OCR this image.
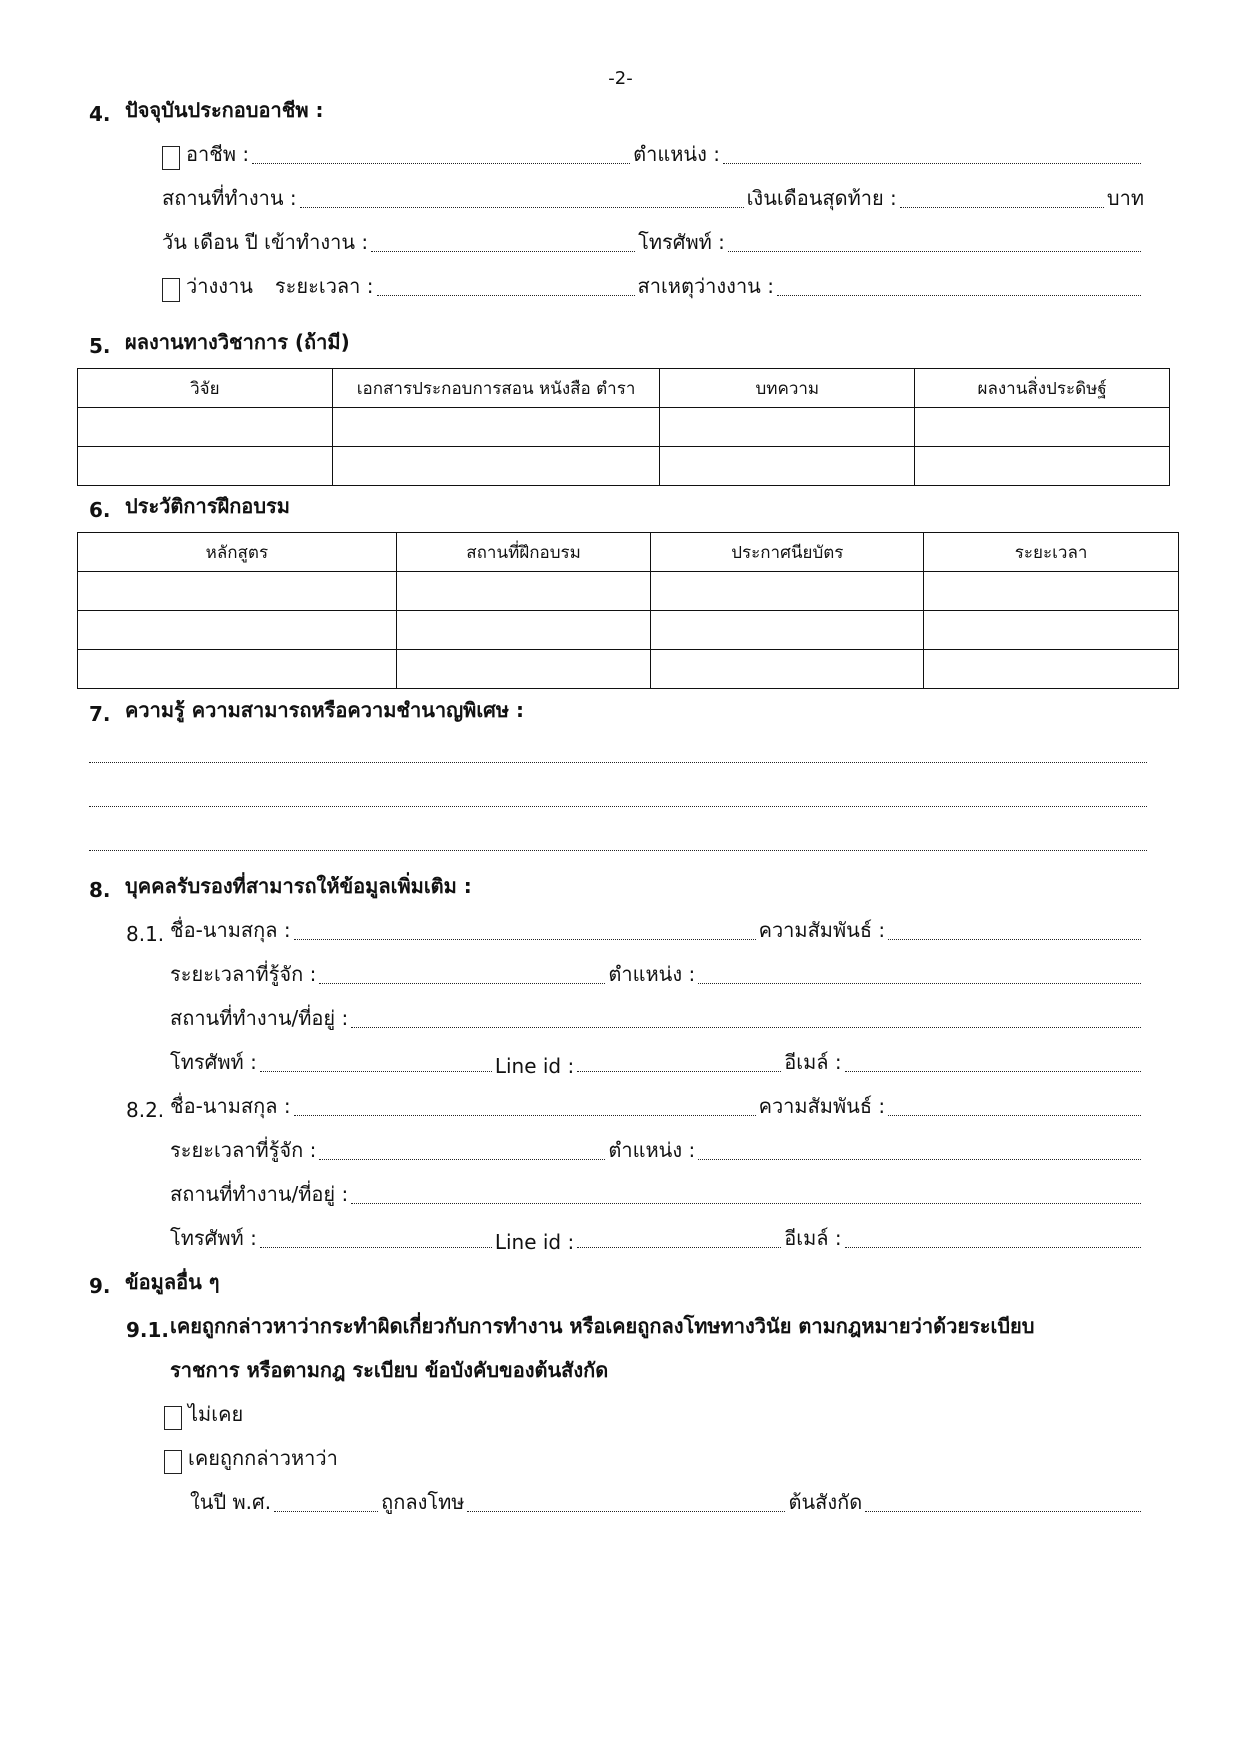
-2-
4. ปัจจุบันประกอบอาชีพ :
อาชีพ :	ตำแหน่ง :
สถานที่ทำงาน :	เงินเดือนสุดท้าย :	บาท
วัน เดือน ปี เข้าทำงาน :	โทรศัพท์ :
ว่างงาน ระยะเวลา :	สาเหตุว่างงาน :
5. ผลงานทางวิชาการ (ถ้ามี)
วิจัย	เอกสารประกอบการสอน หนังสือ ตำรา	บทความ	ผลงานสิ่งประดิษฐ์

6. ประวัติการฝึกอบรม
หลักสูตร	สถานที่ฝึกอบรม	ประกาศนียบัตร	ระยะเวลา

7. ความรู้ ความสามารถหรือความชำนาญพิเศษ :
8. บุคคลรับรองที่สามารถให้ข้อมูลเพิ่มเติม :
8.1. ชื่อ-นามสกุล :	ความสัมพันธ์ :
ระยะเวลาที่รู้จัก :	ตำแหน่ง :
สถานที่ทำงาน/ที่อยู่ :
โทรศัพท์ :	Line id :	อีเมล์ :
8.2. ชื่อ-นามสกุล :	ความสัมพันธ์ :
ระยะเวลาที่รู้จัก :	ตำแหน่ง :
สถานที่ทำงาน/ที่อยู่ :
โทรศัพท์ :	Line id :	อีเมล์ :
9. ข้อมูลอื่น ๆ
9.1. เคยถูกกล่าวหาว่ากระทำผิดเกี่ยวกับการทำงาน หรือเคยถูกลงโทษทางวินัย ตามกฎหมายว่าด้วยระเบียบ
ราชการ หรือตามกฎ ระเบียบ ข้อบังคับของต้นสังกัด
ไม่เคย
เคยถูกกล่าวหาว่า
ในปี พ.ศ.	ถูกลงโทษ	ต้นสังกัด
